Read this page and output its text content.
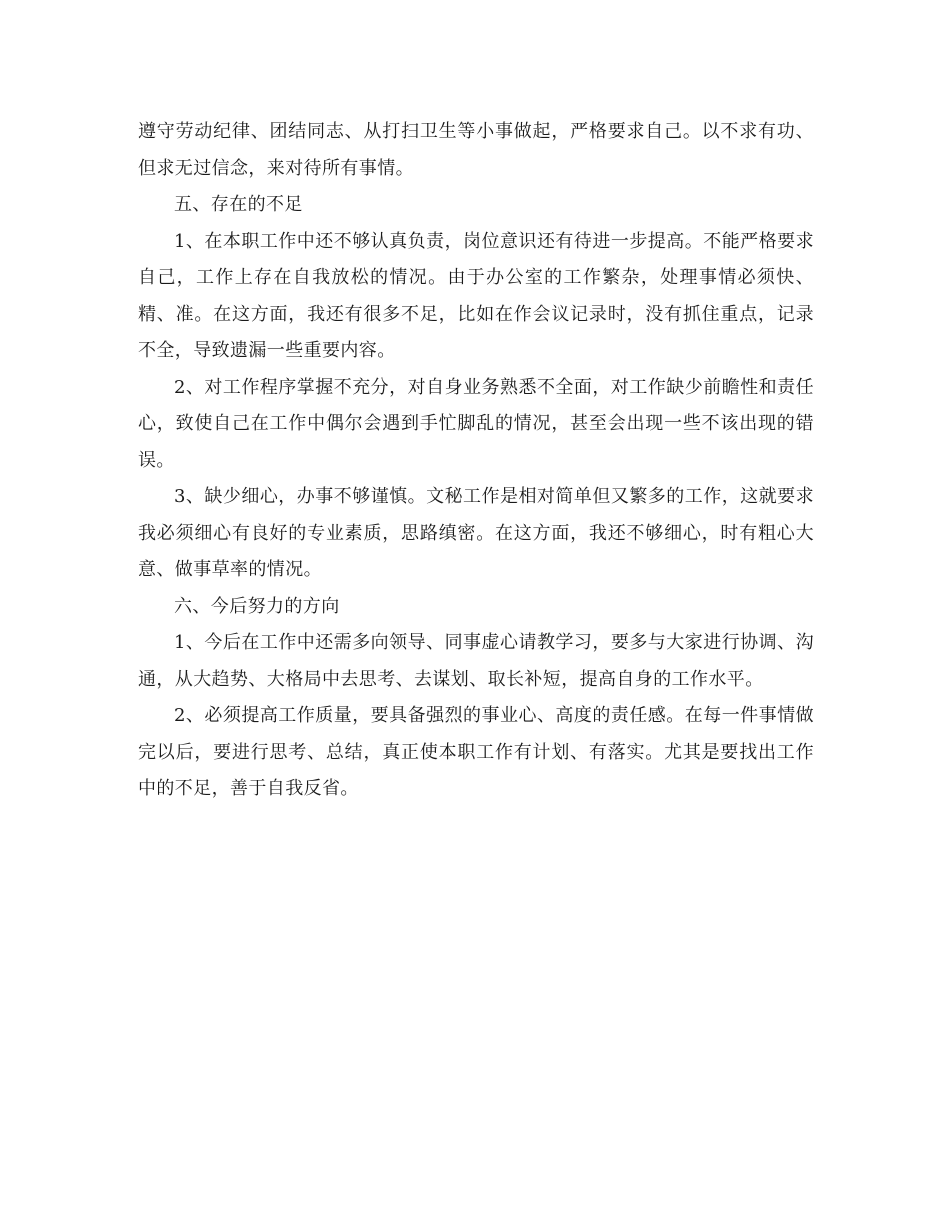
遵守劳动纪律、团结同志、从打扫卫生等小事做起，严格要求自己。以不求有功、但求无过信念，来对待所有事情。

五、存在的不足

1、在本职工作中还不够认真负责，岗位意识还有待进一步提高。不能严格要求自己，工作上存在自我放松的情况。由于办公室的工作繁杂，处理事情必须快、精、准。在这方面，我还有很多不足，比如在作会议记录时，没有抓住重点，记录不全，导致遗漏一些重要内容。

2、对工作程序掌握不充分，对自身业务熟悉不全面，对工作缺少前瞻性和责任心，致使自己在工作中偶尔会遇到手忙脚乱的情况，甚至会出现一些不该出现的错误。

3、缺少细心，办事不够谨慎。文秘工作是相对简单但又繁多的工作，这就要求我必须细心有良好的专业素质，思路缜密。在这方面，我还不够细心，时有粗心大意、做事草率的情况。

六、今后努力的方向

1、今后在工作中还需多向领导、同事虚心请教学习，要多与大家进行协调、沟通，从大趋势、大格局中去思考、去谋划、取长补短，提高自身的工作水平。

2、必须提高工作质量，要具备强烈的事业心、高度的责任感。在每一件事情做完以后，要进行思考、总结，真正使本职工作有计划、有落实。尤其是要找出工作中的不足，善于自我反省。
